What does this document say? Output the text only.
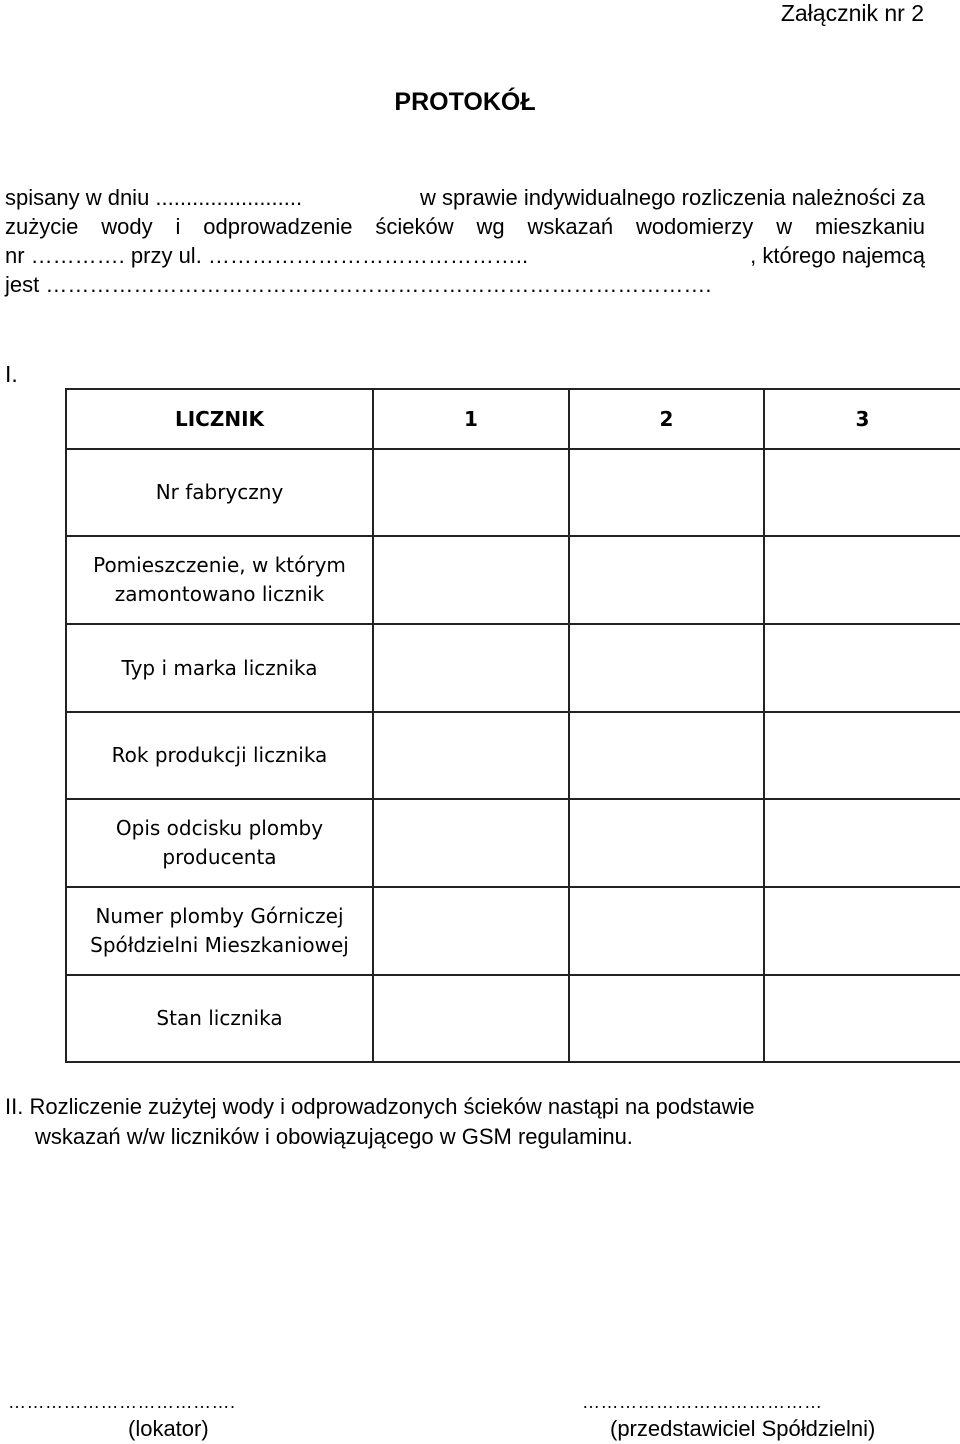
Załącznik nr 2
PROTOKÓŁ
spisany w dniu ........................	w sprawie indywidualnego rozliczenia należności za
zużycie wody i odprowadzenie ścieków wg wskazań wodomierzy w mieszkaniu
nr …………. przy ul. ……………………………………..	, którego najemcą
jest ……………………………………………………………………………….
I.
LICZNIK	1	2	3
Nr fabryczny			
Pomieszczenie, w którym zamontowano licznik			
Typ i marka licznika			
Rok produkcji licznika			
Opis odcisku plomby producenta			
Numer plomby Górniczej Spółdzielni Mieszkaniowej			
Stan licznika			
II. Rozliczenie zużytej wody i odprowadzonych ścieków nastąpi na podstawie
wskazań w/w liczników i obowiązującego w GSM regulaminu.
……………………………….	…………………………………
(lokator)	(przedstawiciel Spółdzielni)
